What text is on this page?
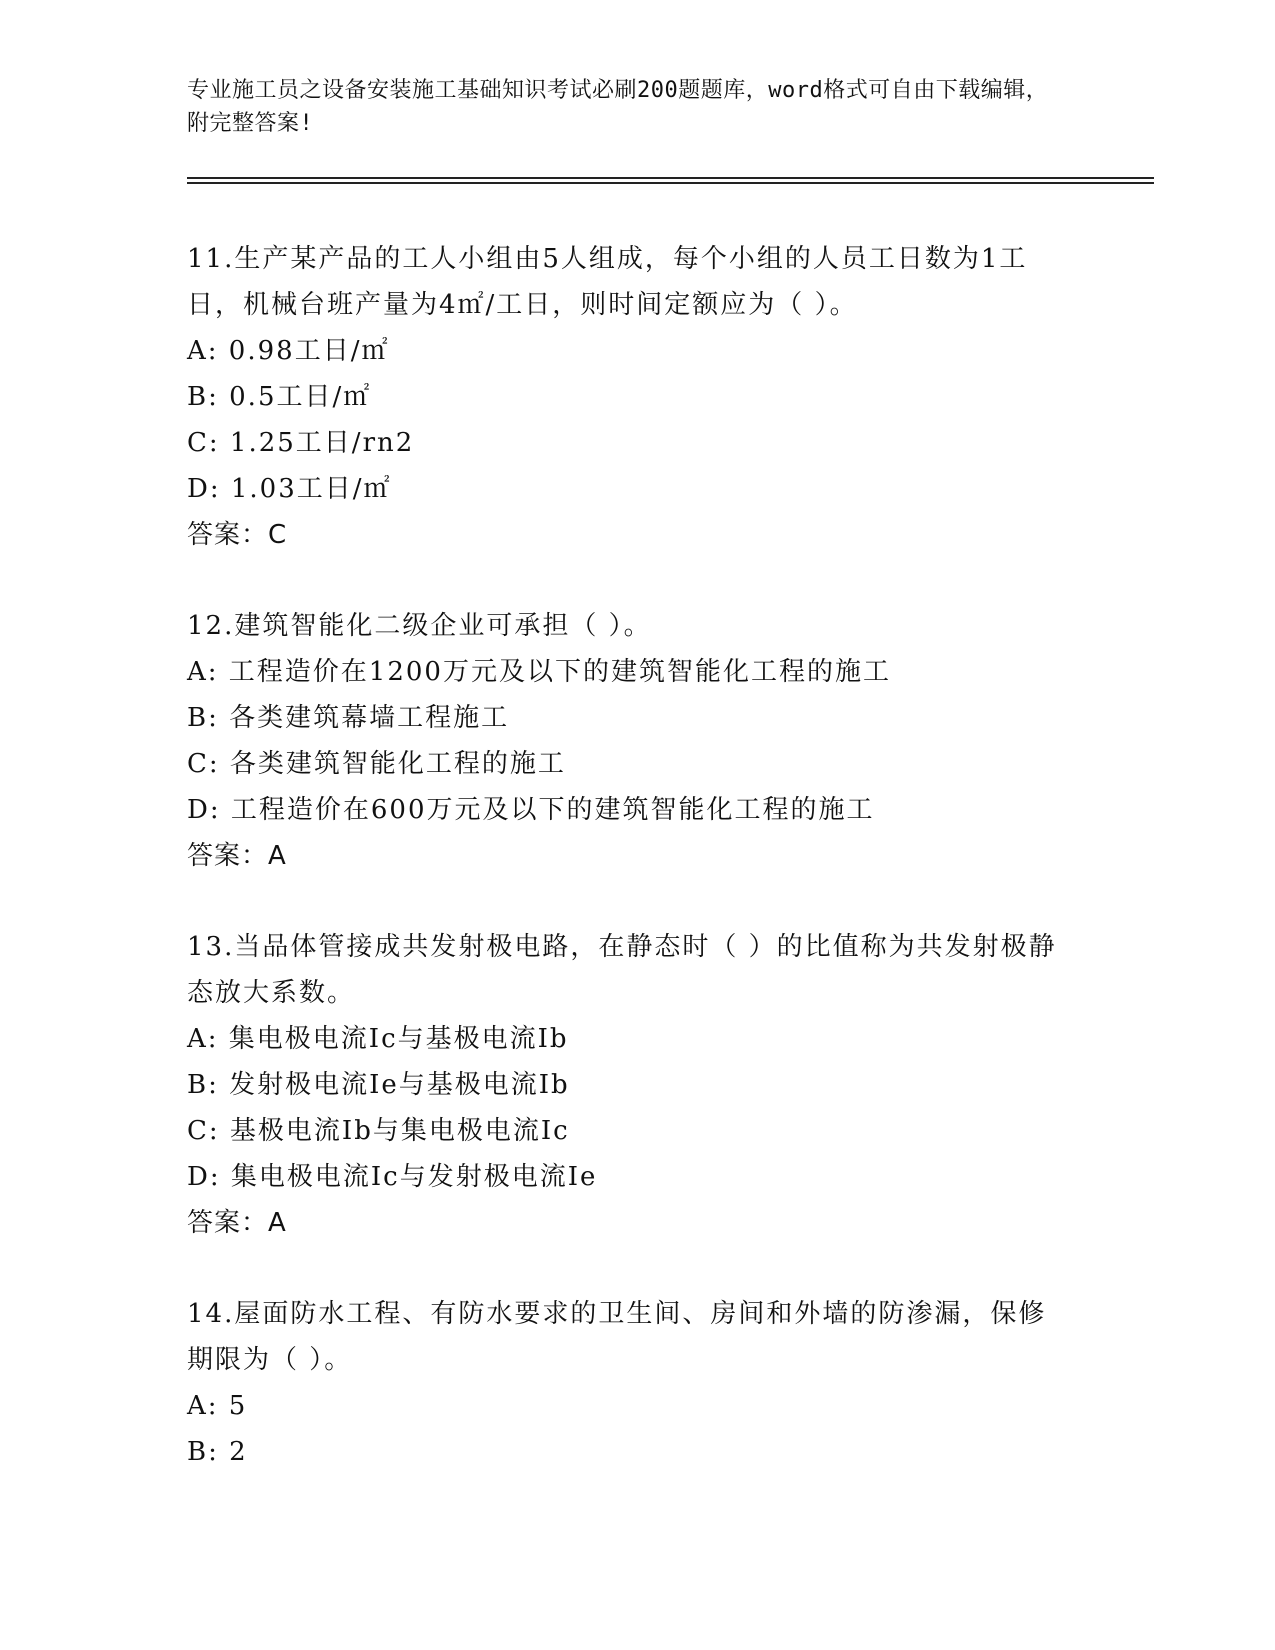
专业施工员之设备安装施工基础知识考试必刷200题题库，word格式可自由下载编辑，附完整答案!
11.生产某产品的工人小组由5人组成，每个小组的人员工日数为1工日，机械台班产量为4㎡/工日，则时间定额应为（ ）。
A: 0.98工日/㎡
B: 0.5工日/㎡
C: 1.25工日/rn2
D: 1.03工日/㎡
答案：C
12.建筑智能化二级企业可承担（ ）。
A: 工程造价在1200万元及以下的建筑智能化工程的施工
B: 各类建筑幕墙工程施工
C: 各类建筑智能化工程的施工
D: 工程造价在600万元及以下的建筑智能化工程的施工
答案：A
13.当品体管接成共发射极电路，在静态时（ ）的比值称为共发射极静态放大系数。
A: 集电极电流Ic与基极电流Ib
B: 发射极电流Ie与基极电流Ib
C: 基极电流Ib与集电极电流Ic
D: 集电极电流Ic与发射极电流Ie
答案：A
14.屋面防水工程、有防水要求的卫生间、房间和外墙的防渗漏，保修期限为（ ）。
A: 5
B: 2
